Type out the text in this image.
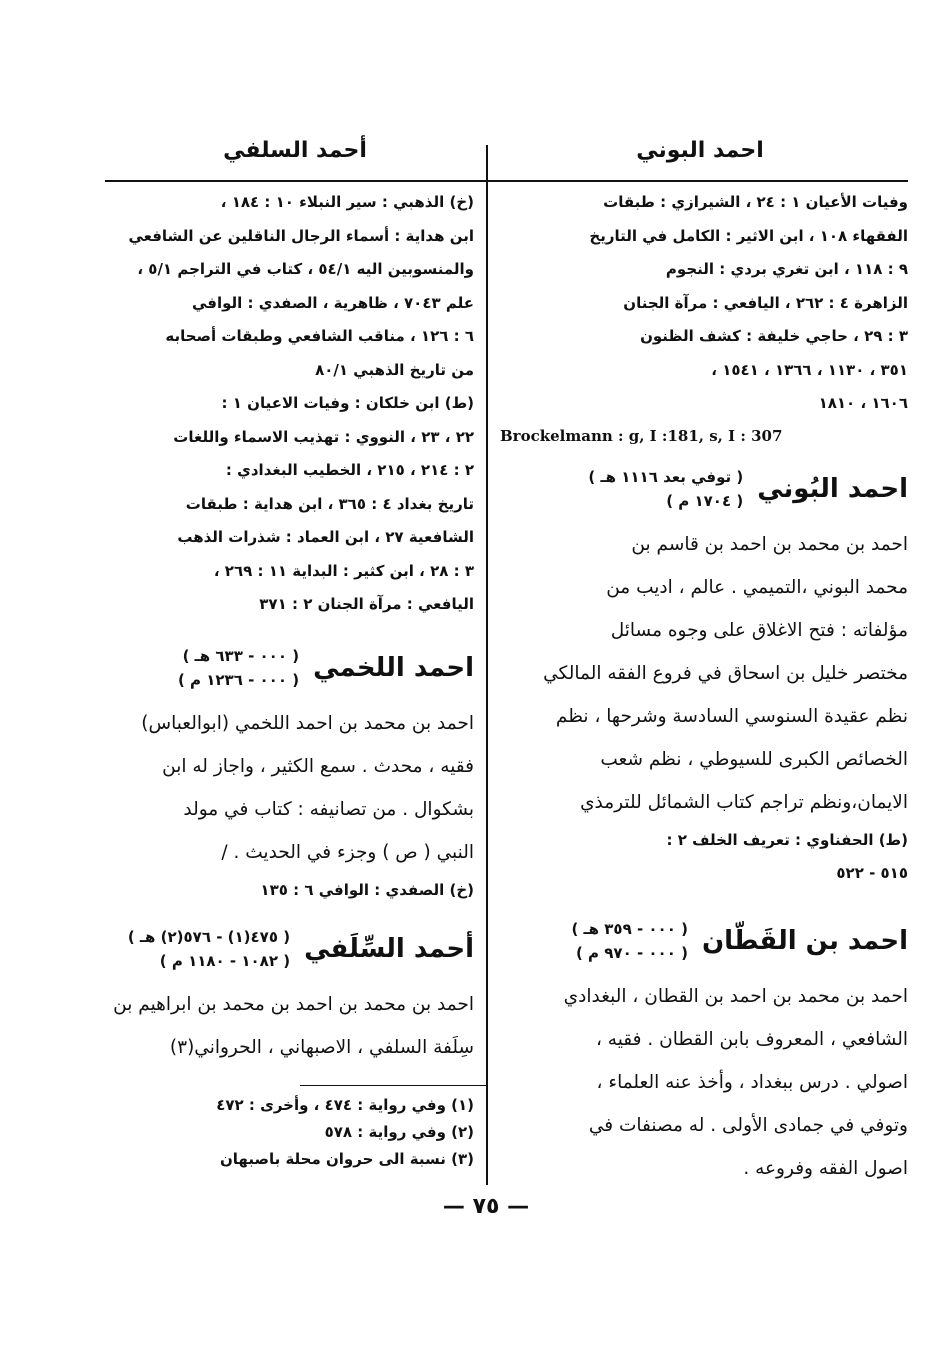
احمد البوني
أحمد السلفي
وفيات الأعيان ١ : ٢٤ ، الشيرازي : طبقات
الفقهاء ١٠٨ ، ابن الاثير : الكامل في التاريخ
٩ : ١١٨ ، ابن تغري بردي : النجوم
الزاهرة ٤ : ٢٦٢ ، اليافعي : مرآة الجنان
٣ : ٢٩ ، حاجي خليفة : كشف الظنون
٣٥١ ، ١١٣٠ ، ١٣٦٦ ، ١٥٤١ ،
١٦٠٦ ، ١٨١٠
Brockelmann : g, I :181, s, I : 307
احمد البُوني
( توفي بعد ١١١٦ هـ )
( ١٧٠٤ م )
احمد بن محمد بن احمد بن قاسم بن
محمد البوني ،التميمي . عالم ، اديب من
مؤلفاته : فتح الاغلاق على وجوه مسائل
مختصر خليل بن اسحاق في فروع الفقه المالكي
نظم عقيدة السنوسي السادسة وشرحها ، نظم
الخصائص الكبرى للسيوطي ، نظم شعب
الايمان،ونظم تراجم كتاب الشمائل للترمذي
(ط) الحفناوي : تعريف الخلف ٢ :
٥١٥ - ٥٢٢
احمد بن القَطّان
( ٠٠٠ - ٣٥٩ هـ )
( ٠٠٠ - ٩٧٠ م )
احمد بن محمد بن احمد بن القطان ، البغدادي
الشافعي ، المعروف بابن القطان . فقيه ،
اصولي . درس ببغداد ، وأخذ عنه العلماء ،
وتوفي في جمادى الأولى . له مصنفات في
اصول الفقه وفروعه .
(خ) الذهبي : سير النبلاء ١٠ : ١٨٤ ،
ابن هداية : أسماء الرجال الناقلين عن الشافعي
والمنسوبين اليه ٥٤/١ ، كتاب في التراجم ٥/١ ،
علم ٧٠٤٣ ، ظاهرية ، الصفدي : الوافي
٦ : ١٢٦ ، مناقب الشافعي وطبقات أصحابه
من تاريخ الذهبي ٨٠/١
(ط) ابن خلكان : وفيات الاعيان ١ :
٢٢ ، ٢٣ ، النووي : تهذيب الاسماء واللغات
٢ : ٢١٤ ، ٢١٥ ، الخطيب البغدادي :
تاريخ بغداد ٤ : ٣٦٥ ، ابن هداية : طبقات
الشافعية ٢٧ ، ابن العماد : شذرات الذهب
٣ : ٢٨ ، ابن كثير : البداية ١١ : ٢٦٩ ،
اليافعي : مرآة الجنان ٢ : ٣٧١
احمد اللخمي
( ٠٠٠ - ٦٣٣ هـ )
( ٠٠٠ - ١٢٣٦ م )
احمد بن محمد بن احمد اللخمي (ابوالعباس)
فقيه ، محدث . سمع الكثير ، واجاز له ابن
بشكوال . من تصانيفه : كتاب في مولد
النبي ( ص ) وجزء في الحديث . /
(خ) الصفدي : الوافي ٦ : ١٣٥
أحمد السِّلَفي
( ٤٧٥(١) - ٥٧٦(٢) هـ )
( ١٠٨٢ - ١١٨٠ م )
احمد بن محمد بن احمد بن محمد بن ابراهيم بن
سِلَفة السلفي ، الاصبهاني ، الحرواني(٣)
(١) وفي رواية : ٤٧٤ ، وأخرى : ٤٧٢
(٢) وفي رواية : ٥٧٨
(٣) نسبة الى حروان محلة باصبهان
— ٧٥ —
